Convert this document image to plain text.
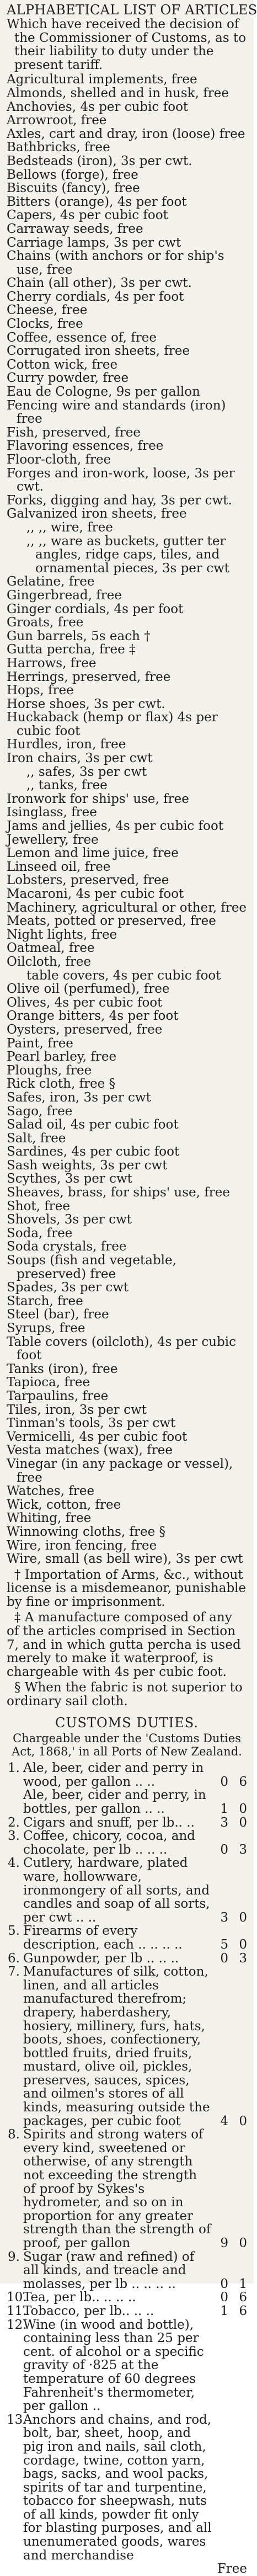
ALPHABETICAL LIST OF ARTICLES
Which have received the decision of the Commissioner of Customs, as to their liability to duty under the present tariff.
Agricultural implements, free
Almonds, shelled and in husk, free
Anchovies, 4s per cubic foot
Arrowroot, free
Axles, cart and dray, iron (loose) free
Bathbricks, free
Bedsteads (iron), 3s per cwt.
Bellows (forge), free
Biscuits (fancy), free
Bitters (orange), 4s per foot
Capers, 4s per cubic foot
Carraway seeds, free
Carriage lamps, 3s per cwt
Chains (with anchors or for ship's use, free
Chain (all other), 3s per cwt.
Cherry cordials, 4s per foot
Cheese, free
Clocks, free
Coffee, essence of, free
Corrugated iron sheets, free
Cotton wick, free
Curry powder, free
Eau de Cologne, 9s per gallon
Fencing wire and standards (iron) free
Fish, preserved, free
Flavoring essences, free
Floor-cloth, free
Forges and iron-work, loose, 3s per cwt.
Forks, digging and hay, 3s per cwt.
Galvanized iron sheets, free
,, ,, wire, free
,, ,, ware as buckets, gutter ter angles, ridge caps, tiles, and ornamental pieces, 3s per cwt
Gelatine, free
Gingerbread, free
Ginger cordials, 4s per foot
Groats, free
Gun barrels, 5s each †
Gutta percha, free ‡
Harrows, free
Herrings, preserved, free
Hops, free
Horse shoes, 3s per cwt.
Huckaback (hemp or flax) 4s per cubic foot
Hurdles, iron, free
Iron chairs, 3s per cwt
,, safes, 3s per cwt
,, tanks, free
Ironwork for ships' use, free
Isinglass, free
Jams and jellies, 4s per cubic foot
Jewellery, free
Lemon and lime juice, free
Linseed oil, free
Lobsters, preserved, free
Macaroni, 4s per cubic foot
Machinery, agricultural or other, free
Meats, potted or preserved, free
Night lights, free
Oatmeal, free
Oilcloth, free
table covers, 4s per cubic foot
Olive oil (perfumed), free
Olives, 4s per cubic foot
Orange bitters, 4s per foot
Oysters, preserved, free
Paint, free
Pearl barley, free
Ploughs, free
Rick cloth, free §
Safes, iron, 3s per cwt
Sago, free
Salad oil, 4s per cubic foot
Salt, free
Sardines, 4s per cubic foot
Sash weights, 3s per cwt
Scythes, 3s per cwt
Sheaves, brass, for ships' use, free
Shot, free
Shovels, 3s per cwt
Soda, free
Soda crystals, free
Soups (fish and vegetable, preserved) free
Spades, 3s per cwt
Starch, free
Steel (bar), free
Syrups, free
Table covers (oilcloth), 4s per cubic foot
Tanks (iron), free
Tapioca, free
Tarpaulins, free
Tiles, iron, 3s per cwt
Tinman's tools, 3s per cwt
Vermicelli, 4s per cubic foot
Vesta matches (wax), free
Vinegar (in any package or vessel), free
Watches, free
Wick, cotton, free
Whiting, free
Winnowing cloths, free §
Wire, iron fencing, free
Wire, small (as bell wire), 3s per cwt
† Importation of Arms, &c., without license is a misdemeanor, punishable by fine or imprisonment.
‡ A manufacture composed of any of the articles comprised in Section 7, and in which gutta percha is used merely to make it waterproof, is chargeable with 4s per cubic foot.
§ When the fabric is not superior to ordinary sail cloth.
CUSTOMS DUTIES.
Chargeable under the 'Customs Duties Act, 1868,' in all Ports of New Zealand.
1. Ale, beer, cider and perry in wood, per gallon .. ..	0 6
Ale, beer, cider and perry, in bottles, per gallon .. ..	1 0
2. Cigars and snuff, per lb.. ..	3 0
3. Coffee, chicory, cocoa, and chocolate, per lb .. .. ..	0 3
4. Cutlery, hardware, plated ware, hollowware, ironmongery of all sorts, and candles and soap of all sorts, per cwt .. ..	3 0
5. Firearms of every description, each .. .. .. ..	5 0
6. Gunpowder, per lb .. .. ..	0 3
7. Manufactures of silk, cotton, linen, and all articles manufactured therefrom; drapery, haberdashery, hosiery, millinery, furs, hats, boots, shoes, confectionery, bottled fruits, dried fruits, mustard, olive oil, pickles, preserves, sauces, spices, and oilmen's stores of all kinds, measuring outside the packages, per cubic foot	4 0
8. Spirits and strong waters of every kind, sweetened or otherwise, of any strength not exceeding the strength of proof by Sykes's hydrometer, and so on in proportion for any greater strength than the strength of proof, per gallon	9 0
9. Sugar (raw and refined) of all kinds, and treacle and molasses, per lb .. .. .. ..	0 1
10.
Tea, per lb.. .. .. ..	0 6
11.
Tobacco, per lb.. .. ..	1 6
12.
Wine (in wood and bottle), containing less than 25 per cent. of alcohol or a specific gravity of ·825 at the temperature of 60 degrees Fahrenheit's thermometer, per gallon ..
13.
Anchors and chains, and rod, bolt, bar, sheet, hoop, and pig iron and nails, sail cloth, cordage, twine, cotton yarn, bags, sacks, and wool packs, spirits of tar and turpentine, tobacco for sheepwash, nuts of all kinds, powder fit only for blasting purposes, and all unenumerated goods, wares and merchandise
Free
